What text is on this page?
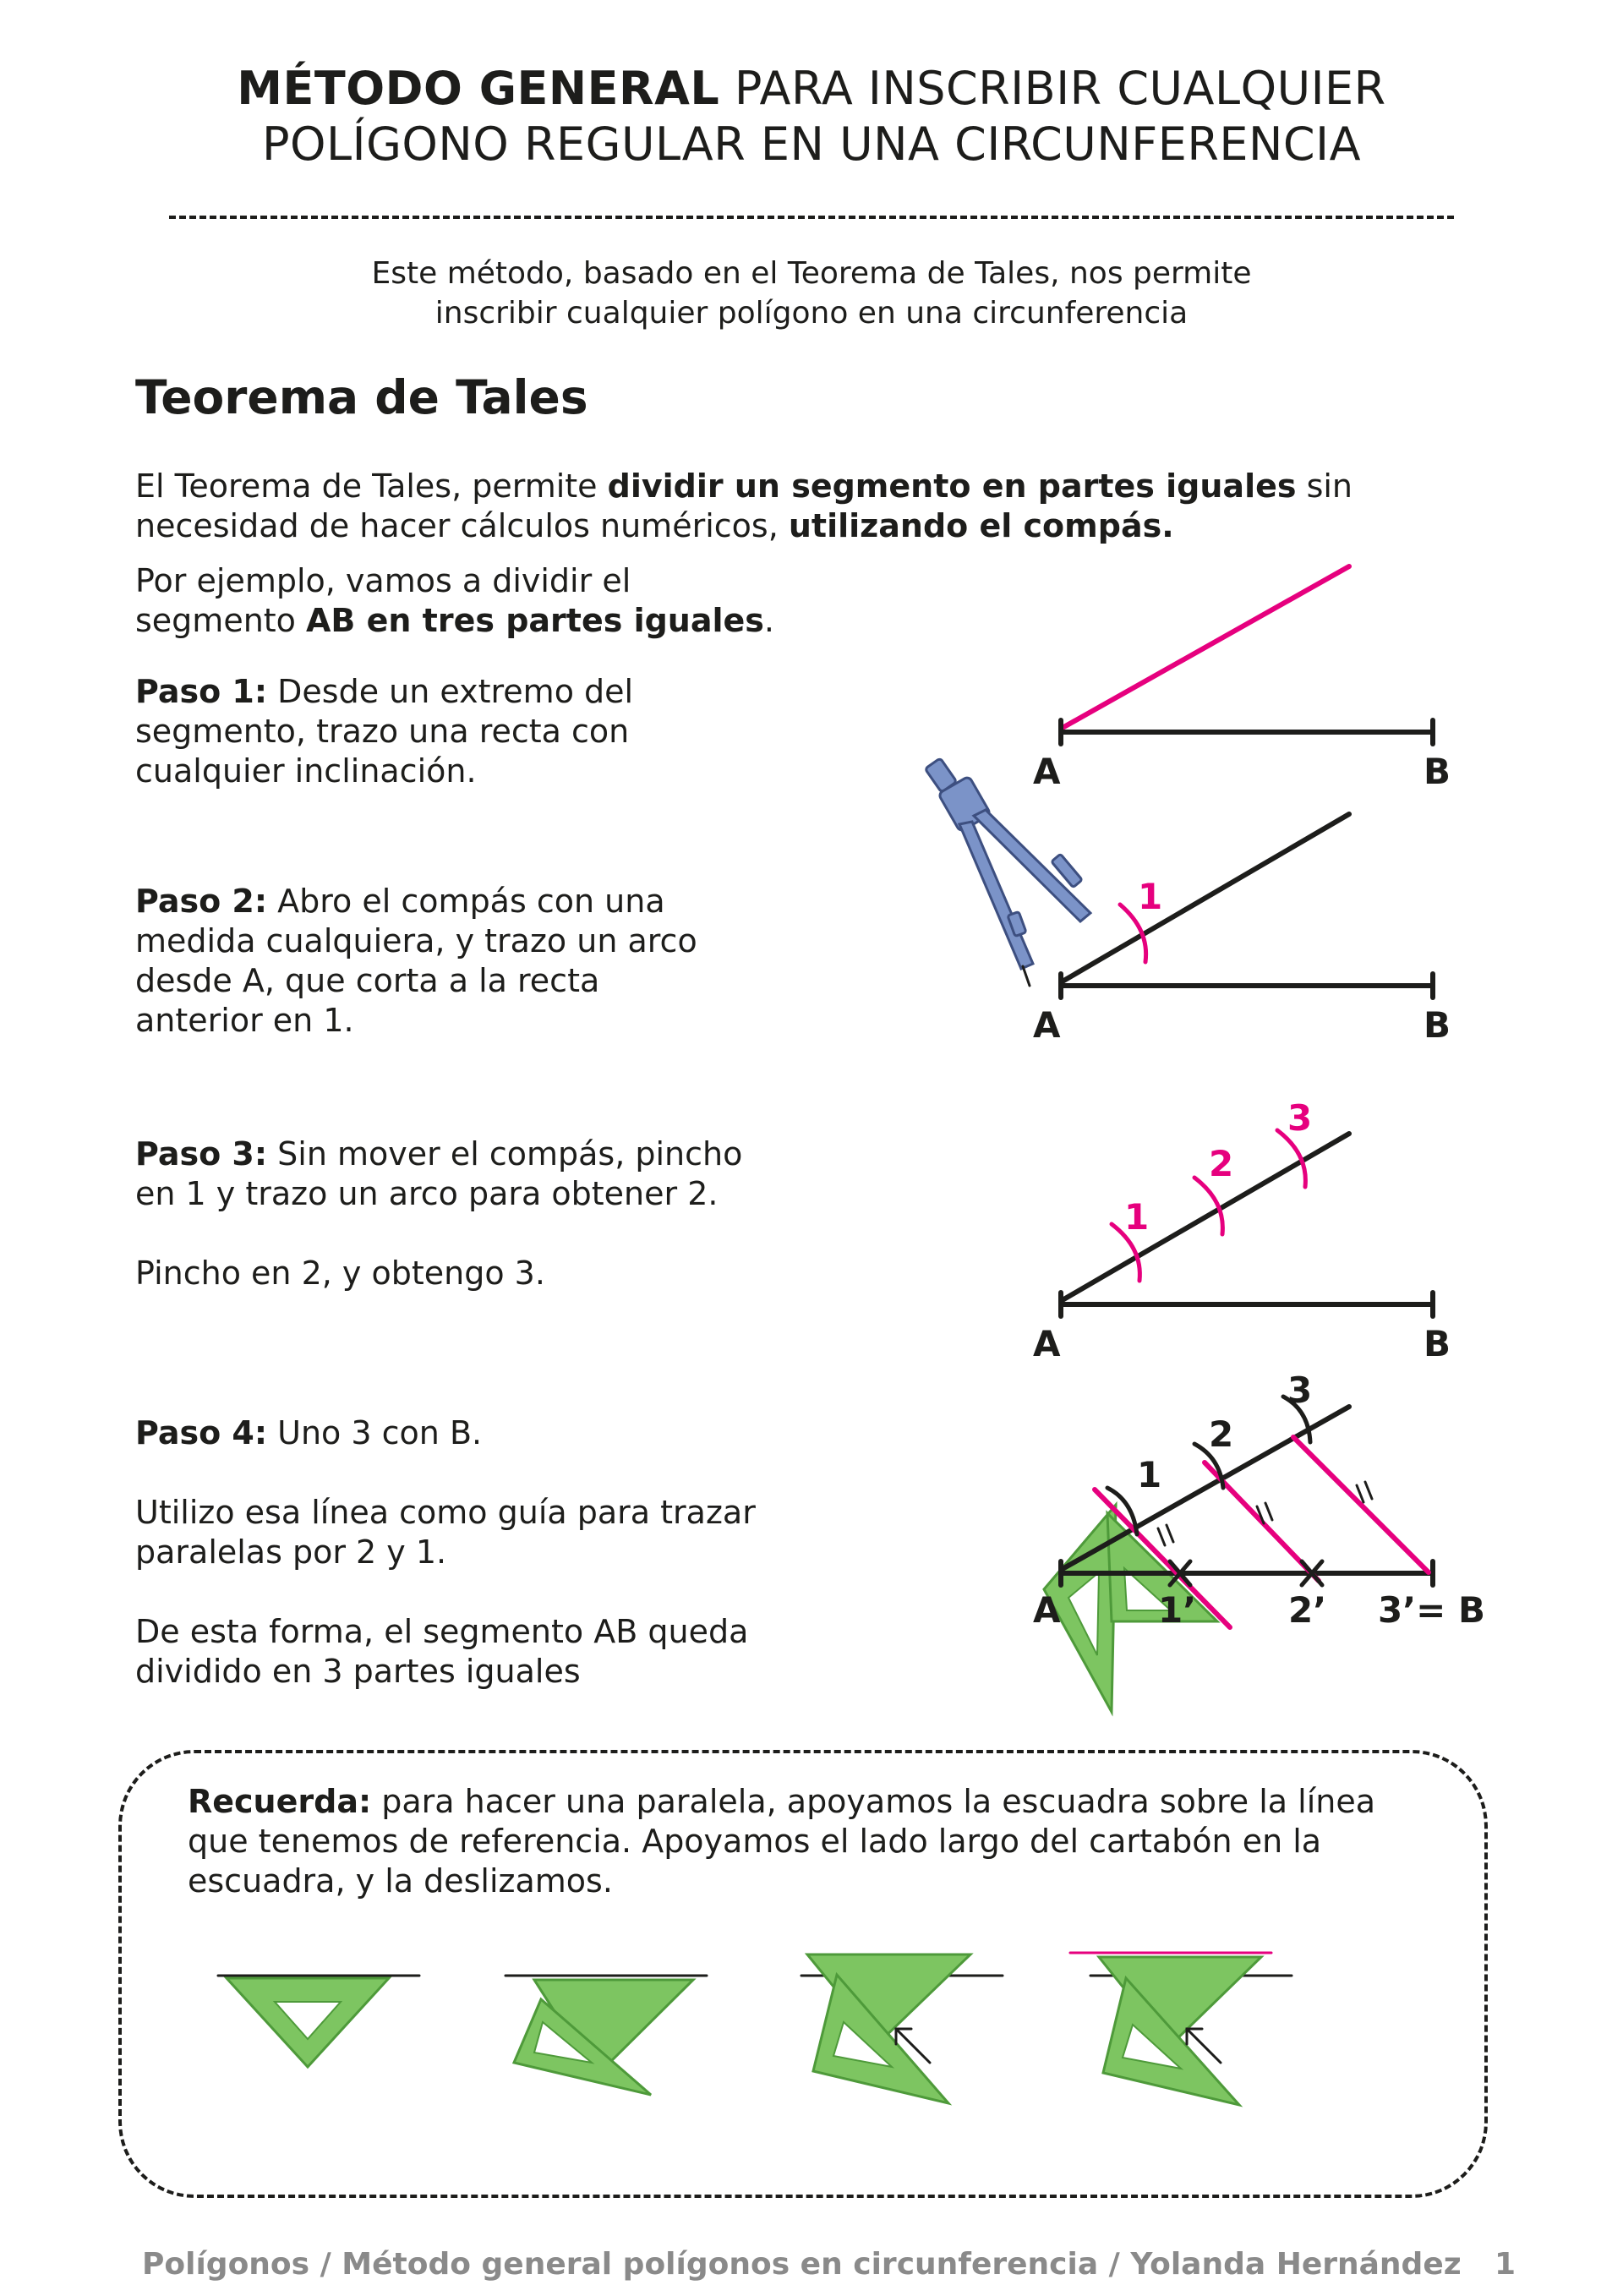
MÉTODO GENERAL PARA INSCRIBIR CUALQUIER
POLÍGONO REGULAR EN UNA CIRCUNFERENCIA
Este método, basado en el Teorema de Tales, nos permite
inscribir cualquier polígono en una circunferencia
Teorema de Tales
El Teorema de Tales, permite dividir un segmento en partes iguales sin
necesidad de hacer cálculos numéricos, utilizando el compás.
Por ejemplo, vamos a dividir el
segmento AB en tres partes iguales.
Paso 1: Desde un extremo del
segmento, trazo una recta con
cualquier inclinación.
Paso 2: Abro el compás con una
medida cualquiera, y trazo un arco
desde A, que corta a la recta
anterior en 1.
Paso 3: Sin mover el compás, pincho
en 1 y trazo un arco para obtener 2.
Pincho en 2, y obtengo 3.
Paso 4: Uno 3 con B.
Utilizo esa línea como guía para trazar
paralelas por 2 y 1.
De esta forma, el segmento AB queda
dividido en 3 partes iguales
A	B
A	B
1
A	B
1
2
3
A
1
2
3
1’	2’ 3’= B
Recuerda: para hacer una paralela, apoyamos la escuadra sobre la línea
que tenemos de referencia. Apoyamos el lado largo del cartabón en la
escuadra, y la deslizamos.
Polígonos / Método general polígonos en circunferencia / Yolanda Hernández 1
